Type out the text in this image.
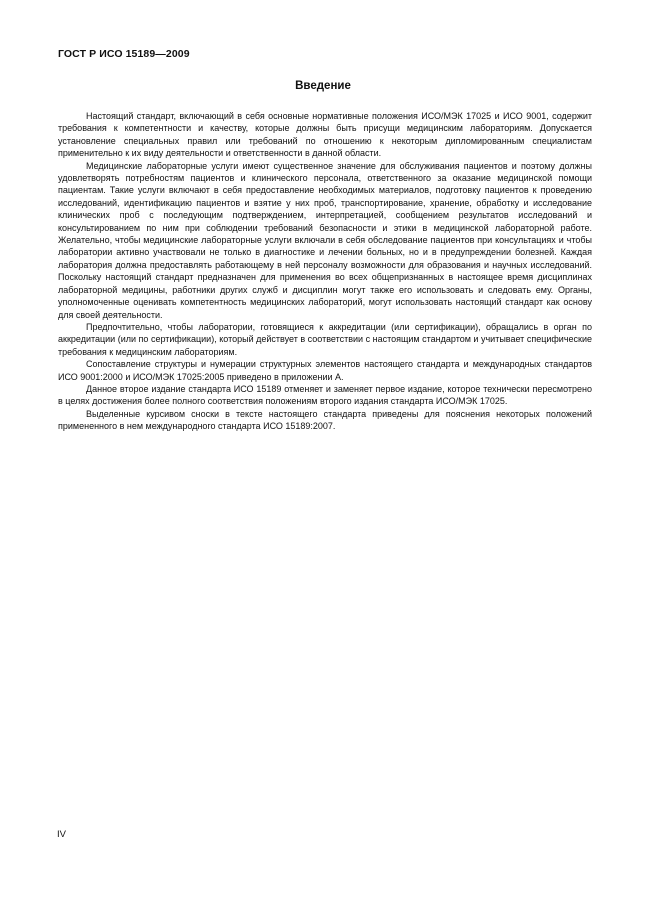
ГОСТ Р ИСО 15189—2009
Введение

Настоящий стандарт, включающий в себя основные нормативные положения ИСО/МЭК 17025 и ИСО 9001, содержит требования к компетентности и качеству, которые должны быть присущи медицинским лабораториям. Допускается установление специальных правил или требований по отношению к некоторым дипломированным специалистам применительно к их виду деятельности и ответственности в данной области.

Медицинские лабораторные услуги имеют существенное значение для обслуживания пациентов и поэтому должны удовлетворять потребностям пациентов и клинического персонала, ответственного за оказание медицинской помощи пациентам. Такие услуги включают в себя предоставление необходимых материалов, подготовку пациентов к проведению исследований, идентификацию пациентов и взятие у них проб, транспортирование, хранение, обработку и исследование клинических проб с последующим подтверждением, интерпретацией, сообщением результатов исследований и консультированием по ним при соблюдении требований безопасности и этики в медицинской лабораторной работе. Желательно, чтобы медицинские лабораторные услуги включали в себя обследование пациентов при консультациях и чтобы лаборатории активно участвовали не только в диагностике и лечении больных, но и в предупреждении болезней. Каждая лаборатория должна предоставлять работающему в ней персоналу возможности для образования и научных исследований. Поскольку настоящий стандарт предназначен для применения во всех общепризнанных в настоящее время дисциплинах лабораторной медицины, работники других служб и дисциплин могут также его использовать и следовать ему. Органы, уполномоченные оценивать компетентность медицинских лабораторий, могут использовать настоящий стандарт как основу для своей деятельности.

Предпочтительно, чтобы лаборатории, готовящиеся к аккредитации (или сертификации), обращались в орган по аккредитации (или по сертификации), который действует в соответствии с настоящим стандартом и учитывает специфические требования к медицинским лабораториям.

Сопоставление структуры и нумерации структурных элементов настоящего стандарта и международных стандартов ИСО 9001:2000 и ИСО/МЭК 17025:2005 приведено в приложении А.

Данное второе издание стандарта ИСО 15189 отменяет и заменяет первое издание, которое технически пересмотрено в целях достижения более полного соответствия положениям второго издания стандарта ИСО/МЭК 17025.

Выделенные курсивом сноски в тексте настоящего стандарта приведены для пояснения некоторых положений примененного в нем международного стандарта ИСО 15189:2007.

IV
